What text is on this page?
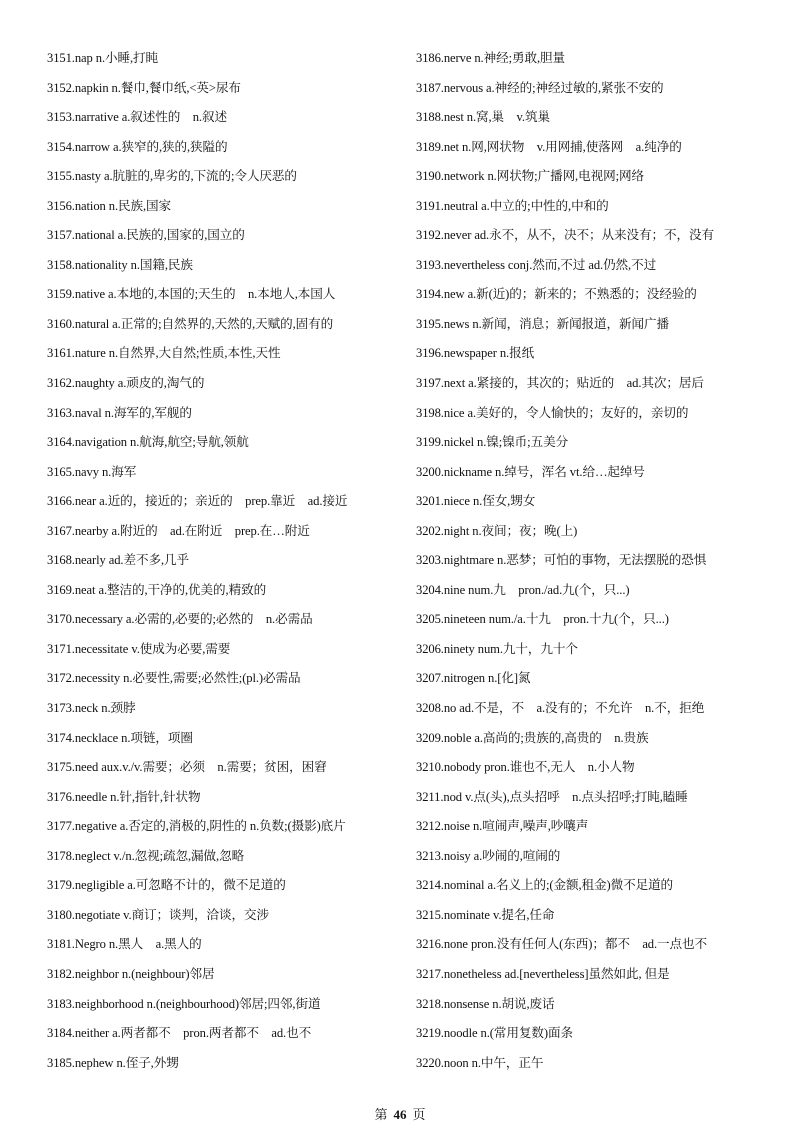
3151.nap n.小睡,打盹
3152.napkin n.餐巾,餐巾纸,<英>尿布
3153.narrative a.叙述性的　n.叙述
3154.narrow a.狭窄的,狭的,狭隘的
3155.nasty a.肮脏的,卑劣的,下流的;令人厌恶的
3156.nation n.民族,国家
3157.national a.民族的,国家的,国立的
3158.nationality n.国籍,民族
3159.native a.本地的,本国的;天生的　n.本地人,本国人
3160.natural a.正常的;自然界的,天然的,天赋的,固有的
3161.nature n.自然界,大自然;性质,本性,天性
3162.naughty a.顽皮的,淘气的
3163.naval n.海军的,军舰的
3164.navigation n.航海,航空;导航,领航
3165.navy n.海军
3166.near a.近的，接近的；亲近的　prep.靠近　ad.接近
3167.nearby a.附近的　ad.在附近　prep.在…附近
3168.nearly ad.差不多,几乎
3169.neat a.整洁的,干净的,优美的,精致的
3170.necessary a.必需的,必要的;必然的　n.必需品
3171.necessitate v.使成为必要,需要
3172.necessity n.必要性,需要;必然性;(pl.)必需品
3173.neck n.颈脖
3174.necklace n.项链，项圈
3175.need aux.v./v.需要；必须　n.需要；贫困，困窘
3176.needle n.针,指针,针状物
3177.negative a.否定的,消极的,阴性的 n.负数;(摄影)底片
3178.neglect v./n.忽视;疏忽,漏做,忽略
3179.negligible a.可忽略不计的，微不足道的
3180.negotiate v.商订；谈判，洽谈，交涉
3181.Negro n.黑人　a.黑人的
3182.neighbor n.(neighbour)邻居
3183.neighborhood n.(neighbourhood)邻居;四邻,街道
3184.neither a.两者都不　pron.两者都不　ad.也不
3185.nephew n.侄子,外甥
3186.nerve n.神经;勇敢,胆量
3187.nervous a.神经的;神经过敏的,紧张不安的
3188.nest n.窝,巢　v.筑巢
3189.net n.网,网状物　v.用网捕,使落网　a.纯净的
3190.network n.网状物;广播网,电视网;网络
3191.neutral a.中立的;中性的,中和的
3192.never ad.永不，从不，决不；从来没有；不，没有
3193.nevertheless conj.然而,不过 ad.仍然,不过
3194.new a.新(近)的；新来的；不熟悉的；没经验的
3195.news n.新闻，消息；新闻报道，新闻广播
3196.newspaper n.报纸
3197.next a.紧接的，其次的；贴近的　ad.其次；居后
3198.nice a.美好的，令人愉快的；友好的，亲切的
3199.nickel n.镍;镍币;五美分
3200.nickname n.绰号，浑名 vt.给…起绰号
3201.niece n.侄女,甥女
3202.night n.夜间；夜；晚(上)
3203.nightmare n.恶梦；可怕的事物，无法摆脱的恐惧
3204.nine num.九　pron./ad.九(个，只...)
3205.nineteen num./a.十九　pron.十九(个，只...)
3206.ninety num.九十，九十个
3207.nitrogen n.[化]氮
3208.no ad.不是，不　a.没有的；不允许　n.不，拒绝
3209.noble a.高尚的;贵族的,高贵的　n.贵族
3210.nobody pron.谁也不,无人　n.小人物
3211.nod v.点(头),点头招呼　n.点头招呼;打盹,瞌睡
3212.noise n.喧闹声,噪声,吵嚷声
3213.noisy a.吵闹的,喧闹的
3214.nominal a.名义上的;(金额,租金)微不足道的
3215.nominate v.提名,任命
3216.none pron.没有任何人(东西)；都不　ad.一点也不
3217.nonetheless ad.[nevertheless]虽然如此, 但是
3218.nonsense n.胡说,废话
3219.noodle n.(常用复数)面条
3220.noon n.中午，正午
第 46 页
